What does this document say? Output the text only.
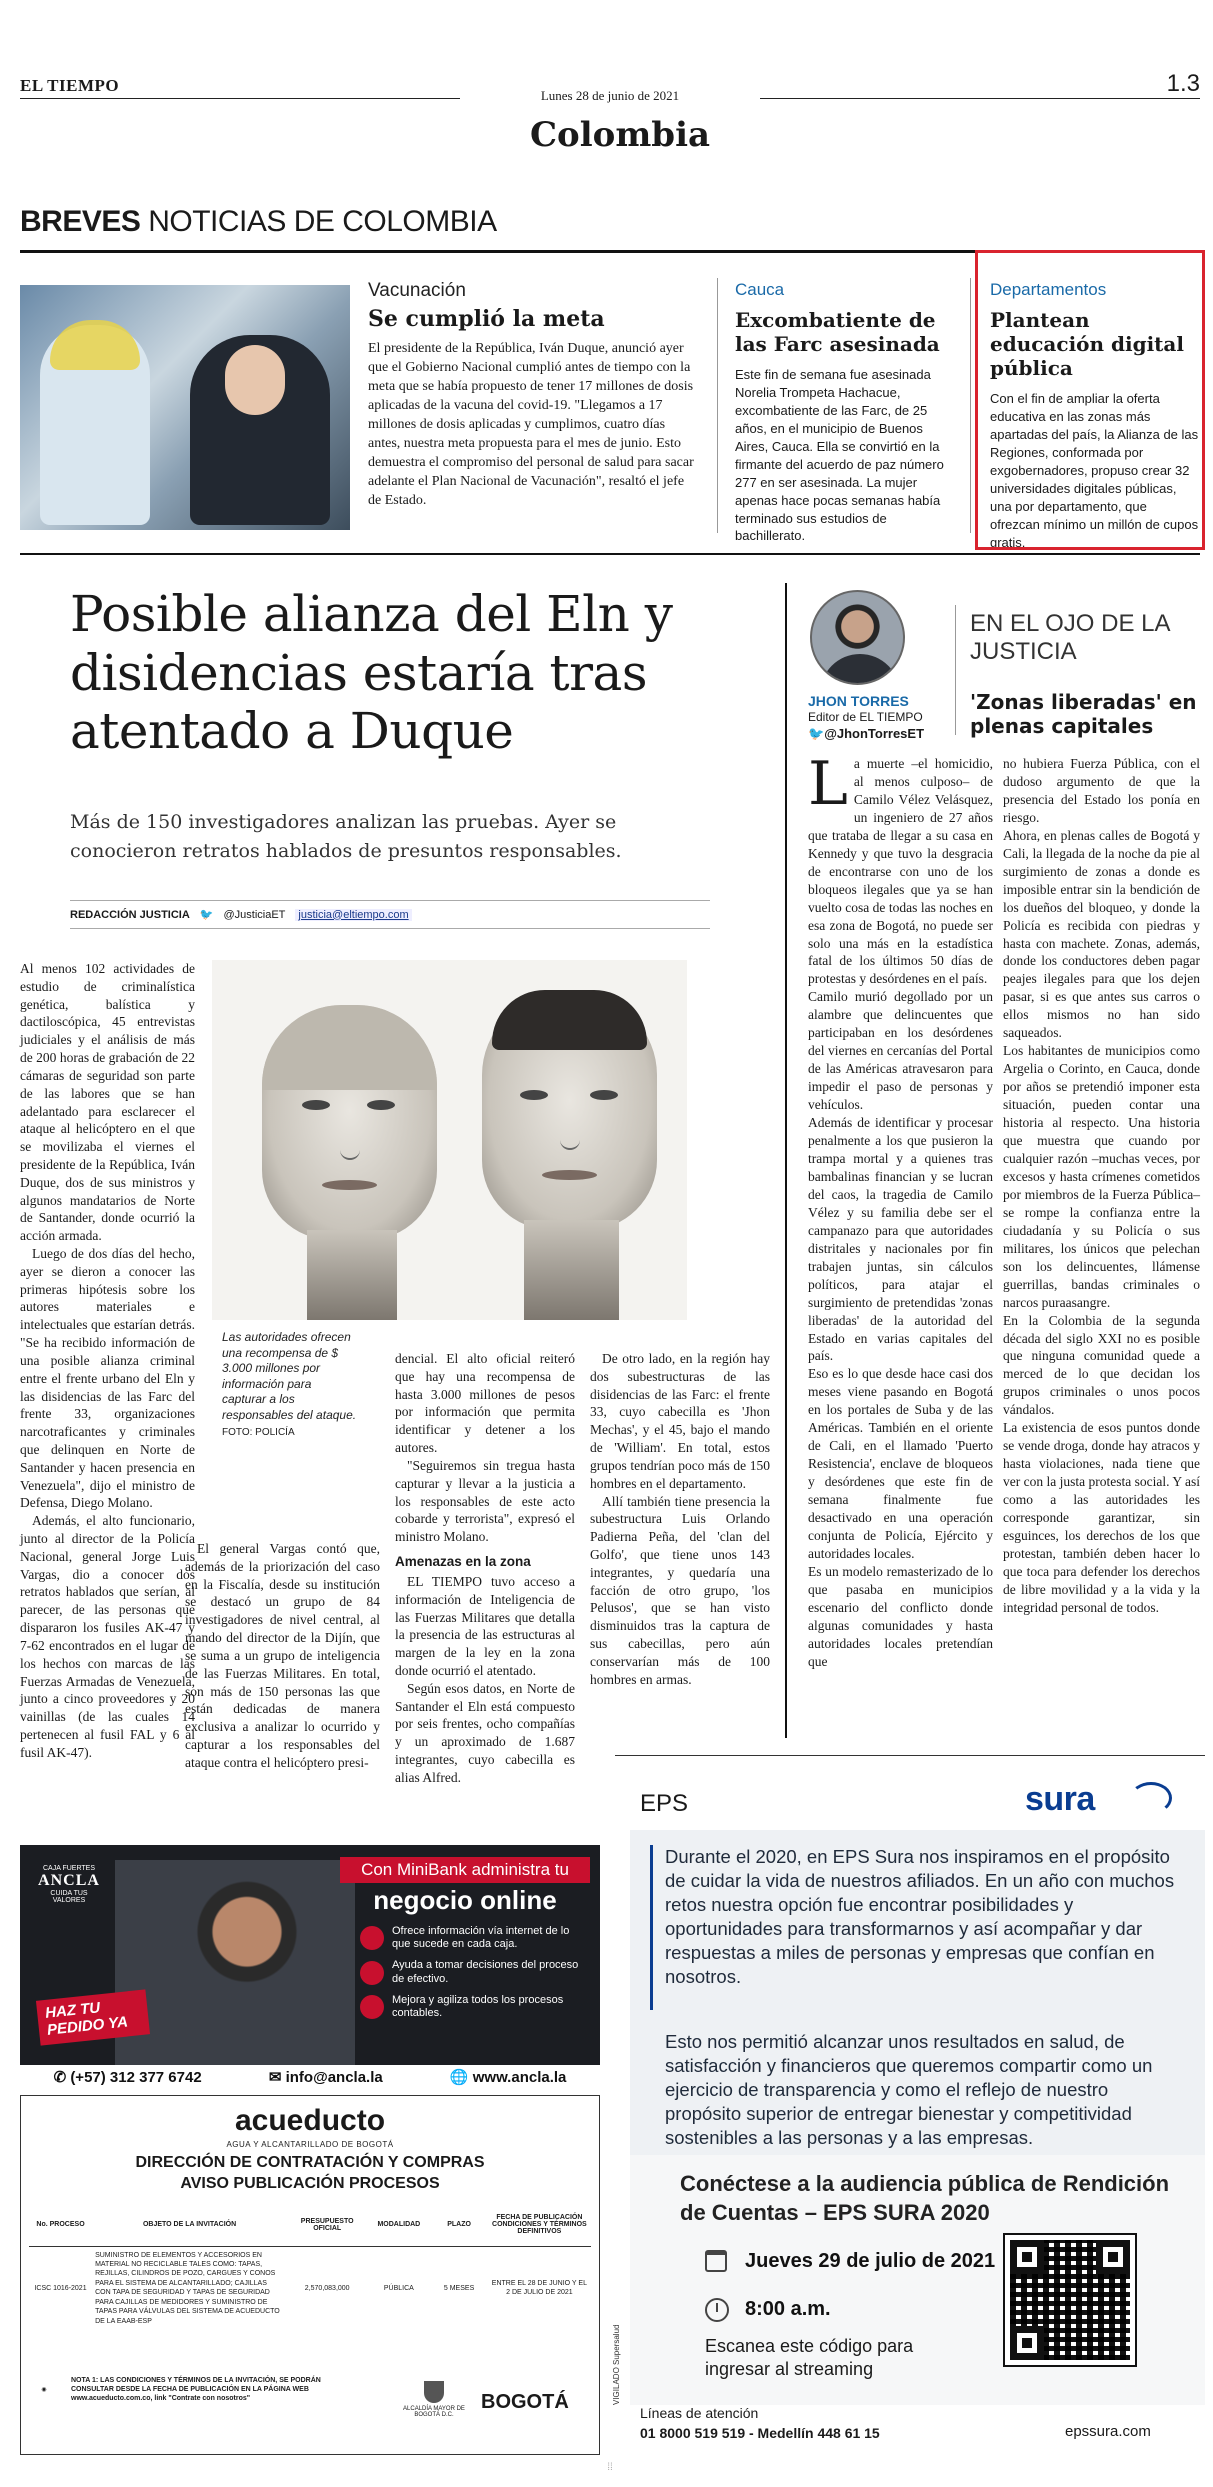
EL TIEMPO
Lunes 28 de junio de 2021
Colombia
1.3
BREVES NOTICIAS DE COLOMBIA
Vacunación
Se cumplió la meta
El presidente de la República, Iván Duque, anunció ayer que el Gobierno Nacional cumplió antes de tiempo con la meta que se había propuesto de tener 17 millones de dosis aplicadas de la vacuna del covid-19. "Llegamos a 17 millones de dosis aplicadas y cumplimos, cuatro días antes, nuestra meta propuesta para el mes de junio. Esto demuestra el compromiso del personal de salud para sacar adelante el Plan Nacional de Vacunación", resaltó el jefe de Estado.
Cauca
Excombatiente de las Farc asesinada
Este fin de semana fue asesinada Norelia Trompeta Hachacue, excombatiente de las Farc, de 25 años, en el municipio de Buenos Aires, Cauca. Ella se convirtió en la firmante del acuerdo de paz número 277 en ser asesinada. La mujer apenas hace pocas semanas había terminado sus estudios de bachillerato.
Departamentos
Plantean educación digital pública
Con el fin de ampliar la oferta educativa en las zonas más apartadas del país, la Alianza de las Regiones, conformada por exgobernadores, propuso crear 32 universidades digitales públicas, una por departamento, que ofrezcan mínimo un millón de cupos gratis.
Posible alianza del Eln y disidencias estaría tras atentado a Duque
Más de 150 investigadores analizan las pruebas. Ayer se conocieron retratos hablados de presuntos responsables.
REDACCIÓN JUSTICIA 🐦 @JusticiaET justicia@eltiempo.com

Al menos 102 actividades de estudio de criminalística genética, balística y dactiloscópica, 45 entrevistas judiciales y el análisis de más de 200 horas de grabación de 22 cámaras de seguridad son parte de las labores que se han adelantado para esclarecer el ataque al helicóptero en el que se movilizaba el viernes el presidente de la República, Iván Duque, dos de sus ministros y algunos mandatarios de Norte de Santander, donde ocurrió la acción armada.

Luego de dos días del hecho, ayer se dieron a conocer las primeras hipótesis sobre los autores materiales e intelectuales que estarían detrás. "Se ha recibido información de una posible alianza criminal entre el frente urbano del Eln y las disidencias de las Farc del frente 33, organizaciones narcotraficantes y criminales que delinquen en Norte de Santander y hacen presencia en Venezuela", dijo el ministro de Defensa, Diego Molano.

Además, el alto funcionario, junto al director de la Policía Nacional, general Jorge Luis Vargas, dio a conocer dos retratos hablados que serían, al parecer, de las personas que dispararon los fusiles AK-47 y 7-62 encontrados en el lugar de los hechos con marcas de las Fuerzas Armadas de Venezuela, junto a cinco proveedores y 20 vainillas (de las cuales 14 pertenecen al fusil FAL y 6 al fusil AK-47).

Las autoridades ofrecen una recompensa de $ 3.000 millones por información para capturar a los responsables del ataque. FOTO: POLICÍA

El general Vargas contó que, además de la priorización del caso en la Fiscalía, desde su institución se destacó un grupo de 84 investigadores de nivel central, al mando del director de la Dijín, que se suma a un grupo de inteligencia de las Fuerzas Militares. En total, son más de 150 personas las que están dedicadas de manera exclusiva a analizar lo ocurrido y capturar a los responsables del ataque contra el helicóptero presi-

dencial. El alto oficial reiteró que hay una recompensa de hasta 3.000 millones de pesos por información que permita identificar y detener a los autores.

"Seguiremos sin tregua hasta capturar y llevar a la justicia a los responsables de este acto cobarde y terrorista", expresó el ministro Molano.

Amenazas en la zona

EL TIEMPO tuvo acceso a información de Inteligencia de las Fuerzas Militares que detalla la presencia de las estructuras al margen de la ley en la zona donde ocurrió el atentado.

Según esos datos, en Norte de Santander el Eln está compuesto por seis frentes, ocho compañías y un aproximado de 1.687 integrantes, cuyo cabecilla es alias Alfred.

De otro lado, en la región hay dos subestructuras de las disidencias de las Farc: el frente 33, cuyo cabecilla es 'Jhon Mechas', y el 45, bajo el mando de 'William'. En total, estos grupos tendrían poco más de 150 hombres en el departamento.

Allí también tiene presencia la subestructura Luis Orlando Padierna Peña, del 'clan del Golfo', que tiene unos 143 integrantes, y quedaría una facción de otro grupo, 'los Pelusos', que se han visto disminuidos tras la captura de sus cabecillas, pero aún conservarían más de 100 hombres en armas.

JHON TORRES
Editor de EL TIEMPO
🐦@JhonTorresET
EN EL OJO DE LA JUSTICIA
'Zonas liberadas' en plenas capitales
L a muerte –el homicidio, al menos culposo– de Camilo Vélez Velásquez, un ingeniero de 27 años que trataba de llegar a su casa en Kennedy y que tuvo la desgracia de encontrarse con uno de los bloqueos ilegales que ya se han vuelto cosa de todas las noches en esa zona de Bogotá, no puede ser solo una más en la estadística fatal de los últimos 50 días de protestas y desórdenes en el país.

Camilo murió degollado por un alambre que delincuentes que participaban en los desórdenes del viernes en cercanías del Portal de las Américas atravesaron para impedir el paso de personas y vehículos.

Además de identificar y procesar penalmente a los que pusieron la trampa mortal y a quienes tras bambalinas financian y se lucran del caos, la tragedia de Camilo Vélez y su familia debe ser el campanazo para que autoridades distritales y nacionales por fin trabajen juntas, sin cálculos políticos, para atajar el surgimiento de pretendidas 'zonas liberadas' de la autoridad del Estado en varias capitales del país.

Eso es lo que desde hace casi dos meses viene pasando en Bogotá en los portales de Suba y de las Américas. También en el oriente de Cali, en el llamado 'Puerto Resistencia', enclave de bloqueos y desórdenes que este fin de semana finalmente fue desactivado en una operación conjunta de Policía, Ejército y autoridades locales.

Es un modelo remasterizado de lo que pasaba en municipios escenario del conflicto donde algunas comunidades y hasta autoridades locales pretendían que

no hubiera Fuerza Pública, con el dudoso argumento de que la presencia del Estado los ponía en riesgo.

Ahora, en plenas calles de Bogotá y Cali, la llegada de la noche da pie al surgimiento de zonas a donde es imposible entrar sin la bendición de los dueños del bloqueo, y donde la Policía es recibida con piedras y hasta con machete. Zonas, además, donde los conductores deben pagar peajes ilegales para que los dejen pasar, si es que antes sus carros o ellos mismos no han sido saqueados.

Los habitantes de municipios como Argelia o Corinto, en Cauca, donde por años se pretendió imponer esta situación, pueden contar una historia al respecto. Una historia que muestra que cuando por cualquier razón –muchas veces, por excesos y hasta crímenes cometidos por miembros de la Fuerza Pública– se rompe la confianza entre la ciudadanía y su Policía o sus militares, los únicos que pelechan son los delincuentes, llámense guerrillas, bandas criminales o narcos puraasangre.

En la Colombia de la segunda década del siglo XXI no es posible que ninguna comunidad quede a merced de lo que decidan los grupos criminales o unos pocos vándalos.

La existencia de esos puntos donde se vende droga, donde hay atracos y hasta violaciones, nada tiene que ver con la justa protesta social. Y así como a las autoridades les corresponde garantizar, sin esguinces, los derechos de los que protestan, también deben hacer lo que toca para defender los derechos de libre movilidad y a la vida y la integridad personal de todos.

EPS	sura
Durante el 2020, en EPS Sura nos inspiramos en el propósito de cuidar la vida de nuestros afiliados. En un año con muchos retos nuestra opción fue encontrar posibilidades y oportunidades para transformarnos y así acompañar y dar respuestas a miles de personas y empresas que confían en nosotros.
Esto nos permitió alcanzar unos resultados en salud, de satisfacción y financieros que queremos compartir como un ejercicio de transparencia y como el reflejo de nuestro propósito superior de entregar bienestar y competitividad sostenibles a las personas y a las empresas.
Conéctese a la audiencia pública de Rendición de Cuentas – EPS SURA 2020
Jueves 29 de julio de 2021
8:00 a.m.
Escanea este código para ingresar al streaming
VIGILADO Supersalud
Líneas de atención
01 8000 519 519 - Medellín 448 61 15	epssura.com
CAJA FUERTES
ANCLA
CUIDA TUS VALORES
HAZ TU PEDIDO YA
Con MiniBank administra tu
negocio online
Ofrece información vía internet de lo que sucede en cada caja.
Ayuda a tomar decisiones del proceso de efectivo.
Mejora y agiliza todos los procesos contables.
✆ (+57) 312 377 6742	✉ info@ancla.la	🌐 www.ancla.la
acueducto
AGUA Y ALCANTARILLADO DE BOGOTÁ
DIRECCIÓN DE CONTRATACIÓN Y COMPRAS
AVISO PUBLICACIÓN PROCESOS
No. PROCESO	OBJETO DE LA INVITACIÓN	PRESUPUESTO OFICIAL	MODALIDAD	PLAZO	FECHA DE PUBLICACIÓN CONDICIONES Y TÉRMINOS DEFINITIVOS
ICSC 1016-2021	SUMINISTRO DE ELEMENTOS Y ACCESORIOS EN MATERIAL NO RECICLABLE TALES COMO: TAPAS, REJILLAS, CILINDROS DE POZO, CARGUES Y CONOS PARA EL SISTEMA DE ALCANTARILLADO; CAJILLAS CON TAPA DE SEGURIDAD Y TAPAS DE SEGURIDAD PARA CAJILLAS DE MEDIDORES Y SUMINISTRO DE TAPAS PARA VÁLVULAS DEL SISTEMA DE ACUEDUCTO DE LA EAAB-ESP	2,570,083,000	PÚBLICA	5 MESES	ENTRE EL 28 DE JUNIO Y EL 2 DE JULIO DE 2021
◉
NOTA 1: LAS CONDICIONES Y TÉRMINOS DE LA INVITACIÓN, SE PODRÁN CONSULTAR DESDE LA FECHA DE PUBLICACIÓN EN LA PÁGINA WEB www.acueducto.com.co, link "Contrate con nosotros"
ALCALDÍA MAYOR DE BOGOTÁ D.C.
BOGOTÁ
⁞⁞
